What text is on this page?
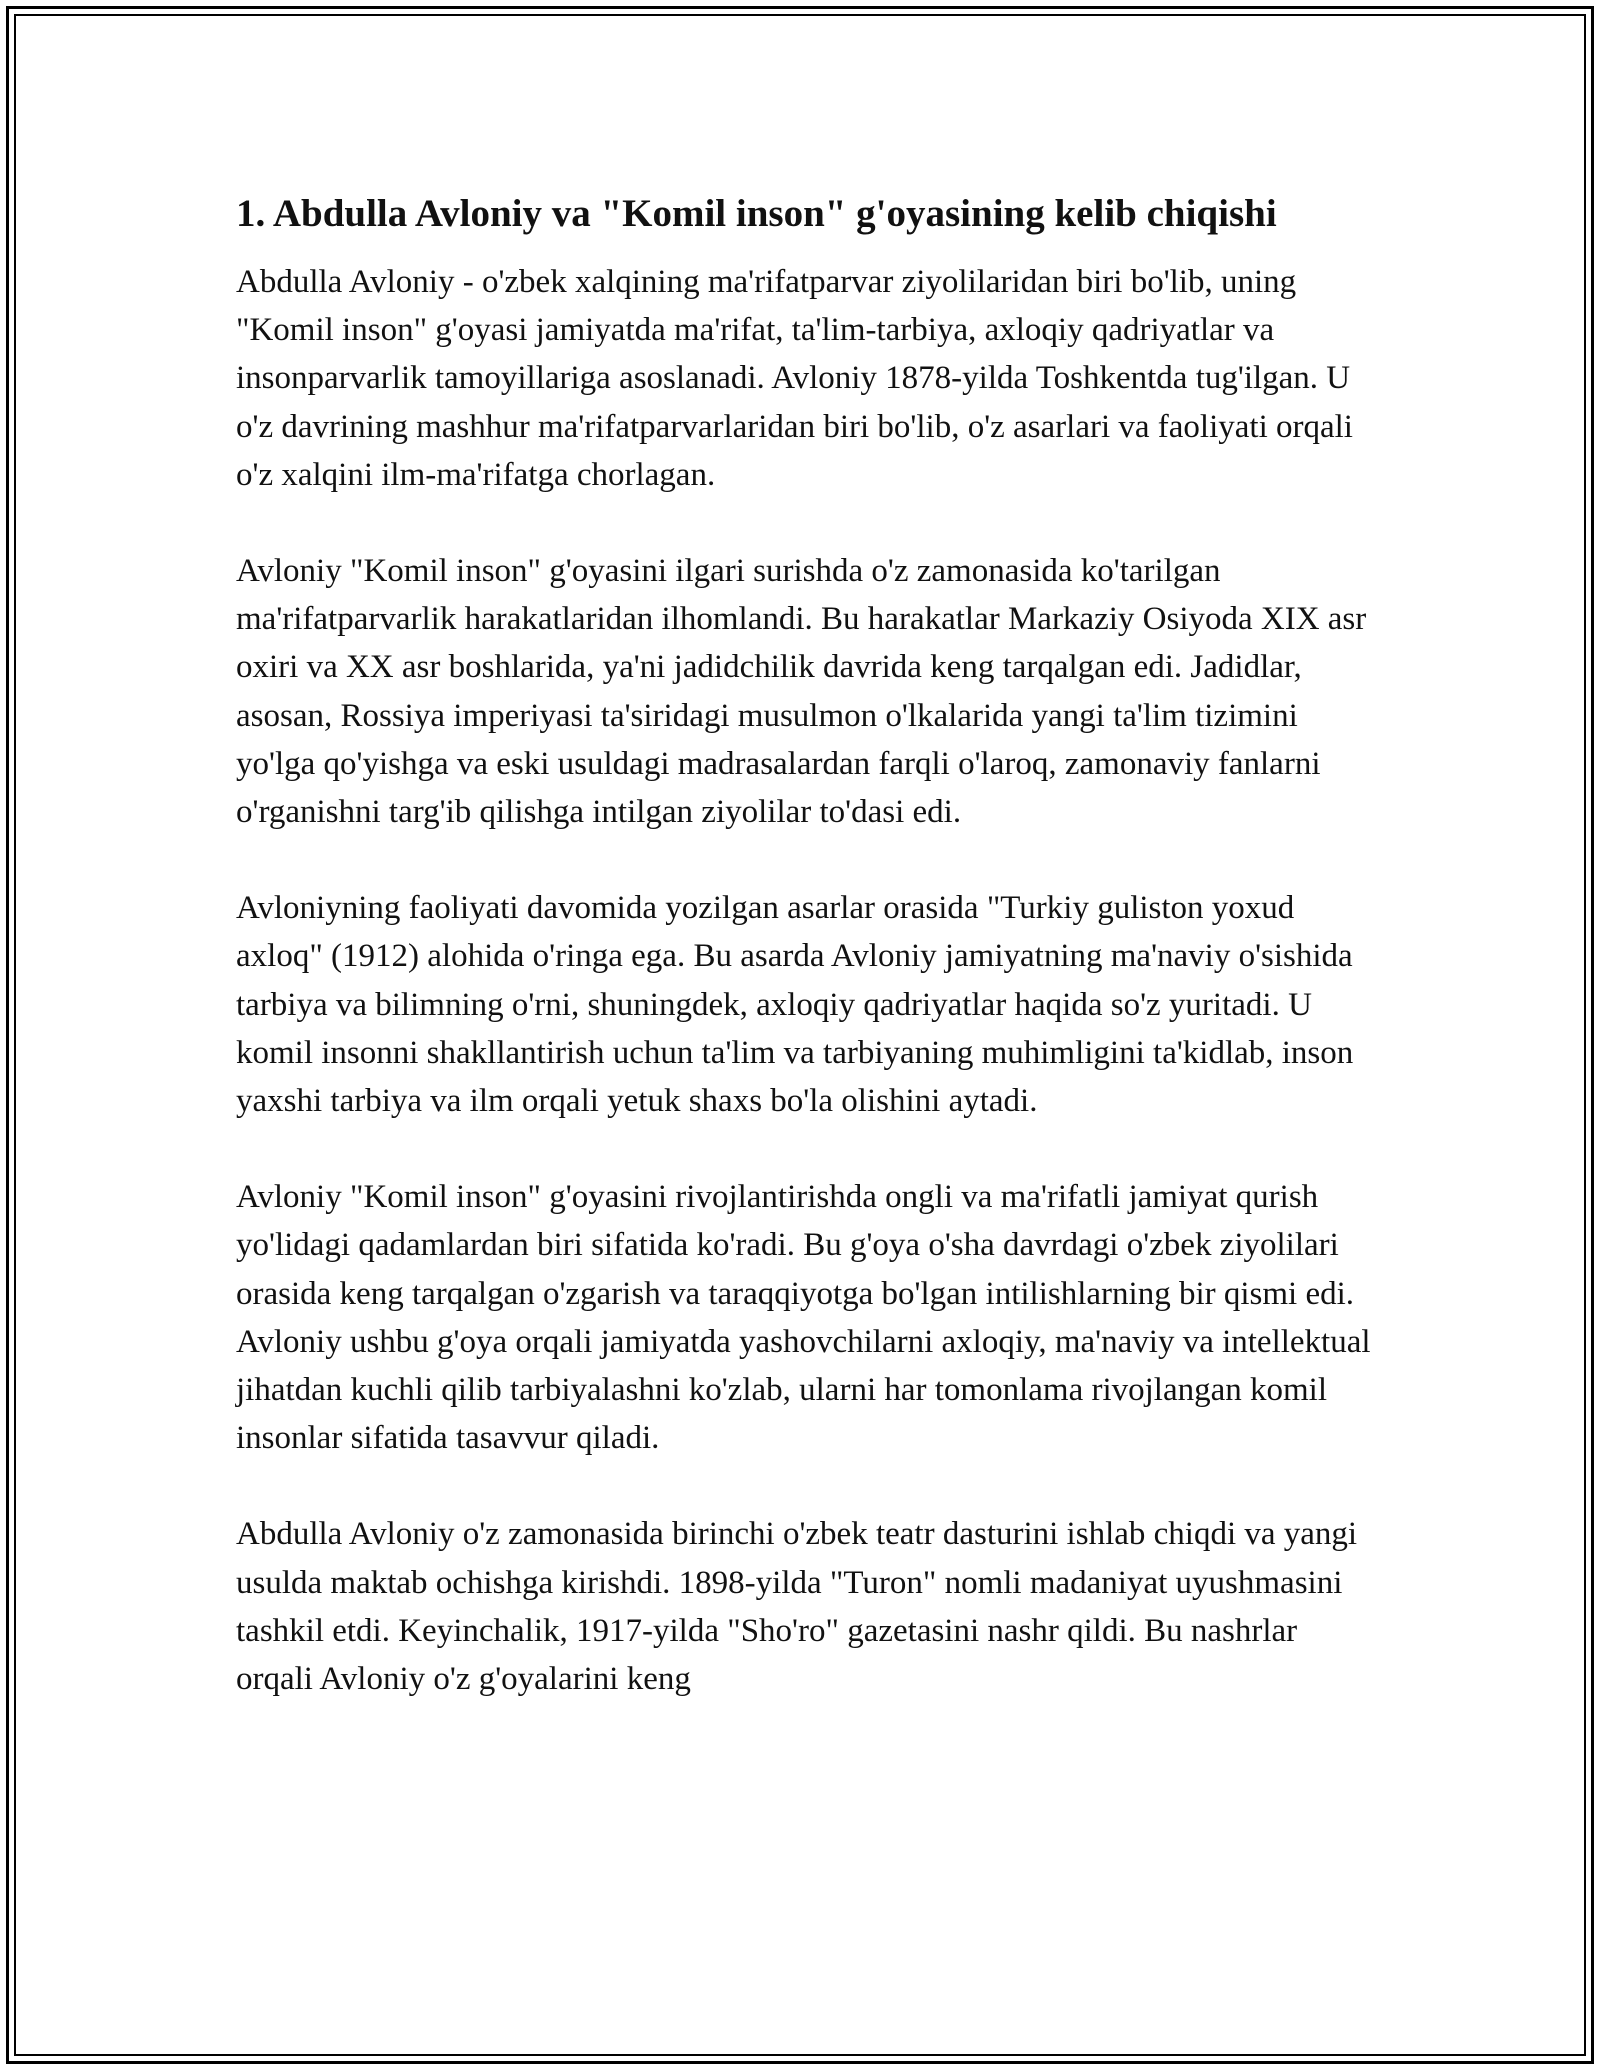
1. Abdulla Avloniy va "Komil inson" g'oyasining kelib chiqishi

Abdulla Avloniy - o'zbek xalqining ma'rifatparvar ziyolilaridan biri bo'lib, uning "Komil inson" g'oyasi jamiyatda ma'rifat, ta'lim-tarbiya, axloqiy qadriyatlar va insonparvarlik tamoyillariga asoslanadi. Avloniy 1878-yilda Toshkentda tug'ilgan. U o'z davrining mashhur ma'rifatparvarlaridan biri bo'lib, o'z asarlari va faoliyati orqali o'z xalqini ilm-ma'rifatga chorlagan.

Avloniy "Komil inson" g'oyasini ilgari surishda o'z zamonasida ko'tarilgan ma'rifatparvarlik harakatlaridan ilhomlandi. Bu harakatlar Markaziy Osiyoda XIX asr oxiri va XX asr boshlarida, ya'ni jadidchilik davrida keng tarqalgan edi. Jadidlar, asosan, Rossiya imperiyasi ta'siridagi musulmon o'lkalarida yangi ta'lim tizimini yo'lga qo'yishga va eski usuldagi madrasalardan farqli o'laroq, zamonaviy fanlarni o'rganishni targ'ib qilishga intilgan ziyolilar to'dasi edi.

Avloniyning faoliyati davomida yozilgan asarlar orasida "Turkiy guliston yoxud axloq" (1912) alohida o'ringa ega. Bu asarda Avloniy jamiyatning ma'naviy o'sishida tarbiya va bilimning o'rni, shuningdek, axloqiy qadriyatlar haqida so'z yuritadi. U komil insonni shakllantirish uchun ta'lim va tarbiyaning muhimligini ta'kidlab, inson yaxshi tarbiya va ilm orqali yetuk shaxs bo'la olishini aytadi.

Avloniy "Komil inson" g'oyasini rivojlantirishda ongli va ma'rifatli jamiyat qurish yo'lidagi qadamlardan biri sifatida ko'radi. Bu g'oya o'sha davrdagi o'zbek ziyolilari orasida keng tarqalgan o'zgarish va taraqqiyotga bo'lgan intilishlarning bir qismi edi. Avloniy ushbu g'oya orqali jamiyatda yashovchilarni axloqiy, ma'naviy va intellektual jihatdan kuchli qilib tarbiyalashni ko'zlab, ularni har tomonlama rivojlangan komil insonlar sifatida tasavvur qiladi.

Abdulla Avloniy o'z zamonasida birinchi o'zbek teatr dasturini ishlab chiqdi va yangi usulda maktab ochishga kirishdi. 1898-yilda "Turon" nomli madaniyat uyushmasini tashkil etdi. Keyinchalik, 1917-yilda "Sho'ro" gazetasini nashr qildi. Bu nashrlar orqali Avloniy o'z g'oyalarini keng
